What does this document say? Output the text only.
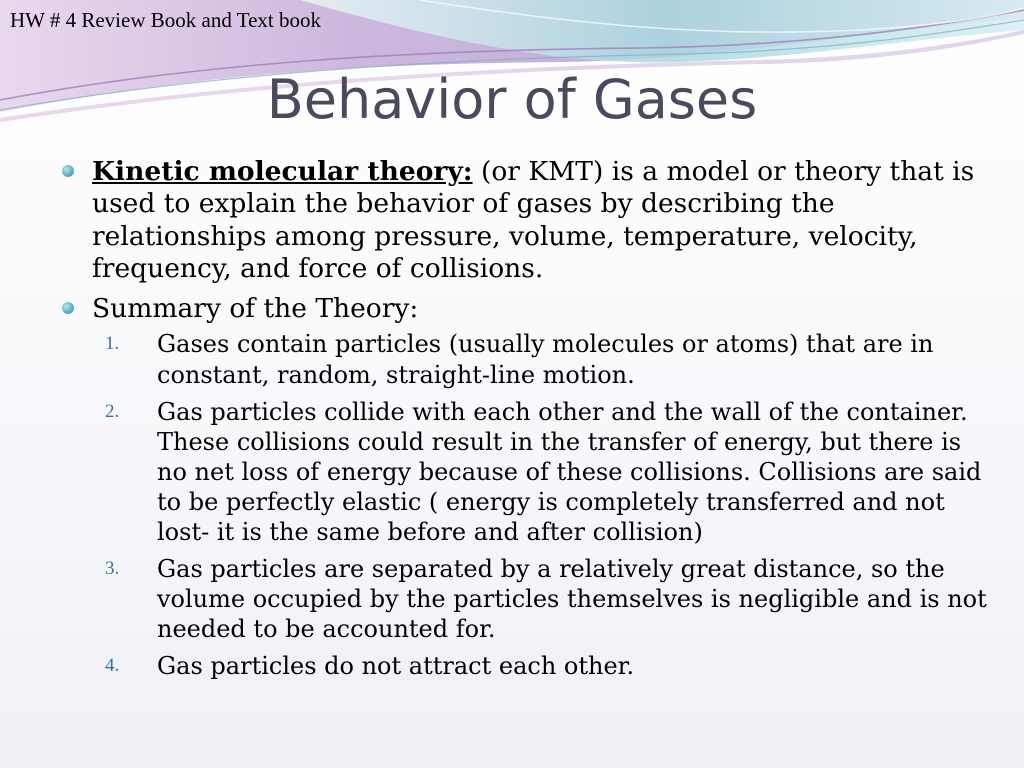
HW # 4 Review Book and Text book
Behavior of Gases
Kinetic molecular theory: (or KMT) is a model or theory that is used to explain the behavior of gases by describing the relationships among pressure, volume, temperature, velocity, frequency, and force of collisions.
Summary of the Theory:
1. Gases contain particles (usually molecules or atoms) that are in constant, random, straight-line motion.
2. Gas particles collide with each other and the wall of the container. These collisions could result in the transfer of energy, but there is no net loss of energy because of these collisions. Collisions are said to be perfectly elastic ( energy is completely transferred and not lost- it is the same before and after collision)
3. Gas particles are separated by a relatively great distance, so the volume occupied by the particles themselves is negligible and is not needed to be accounted for.
4. Gas particles do not attract each other.
